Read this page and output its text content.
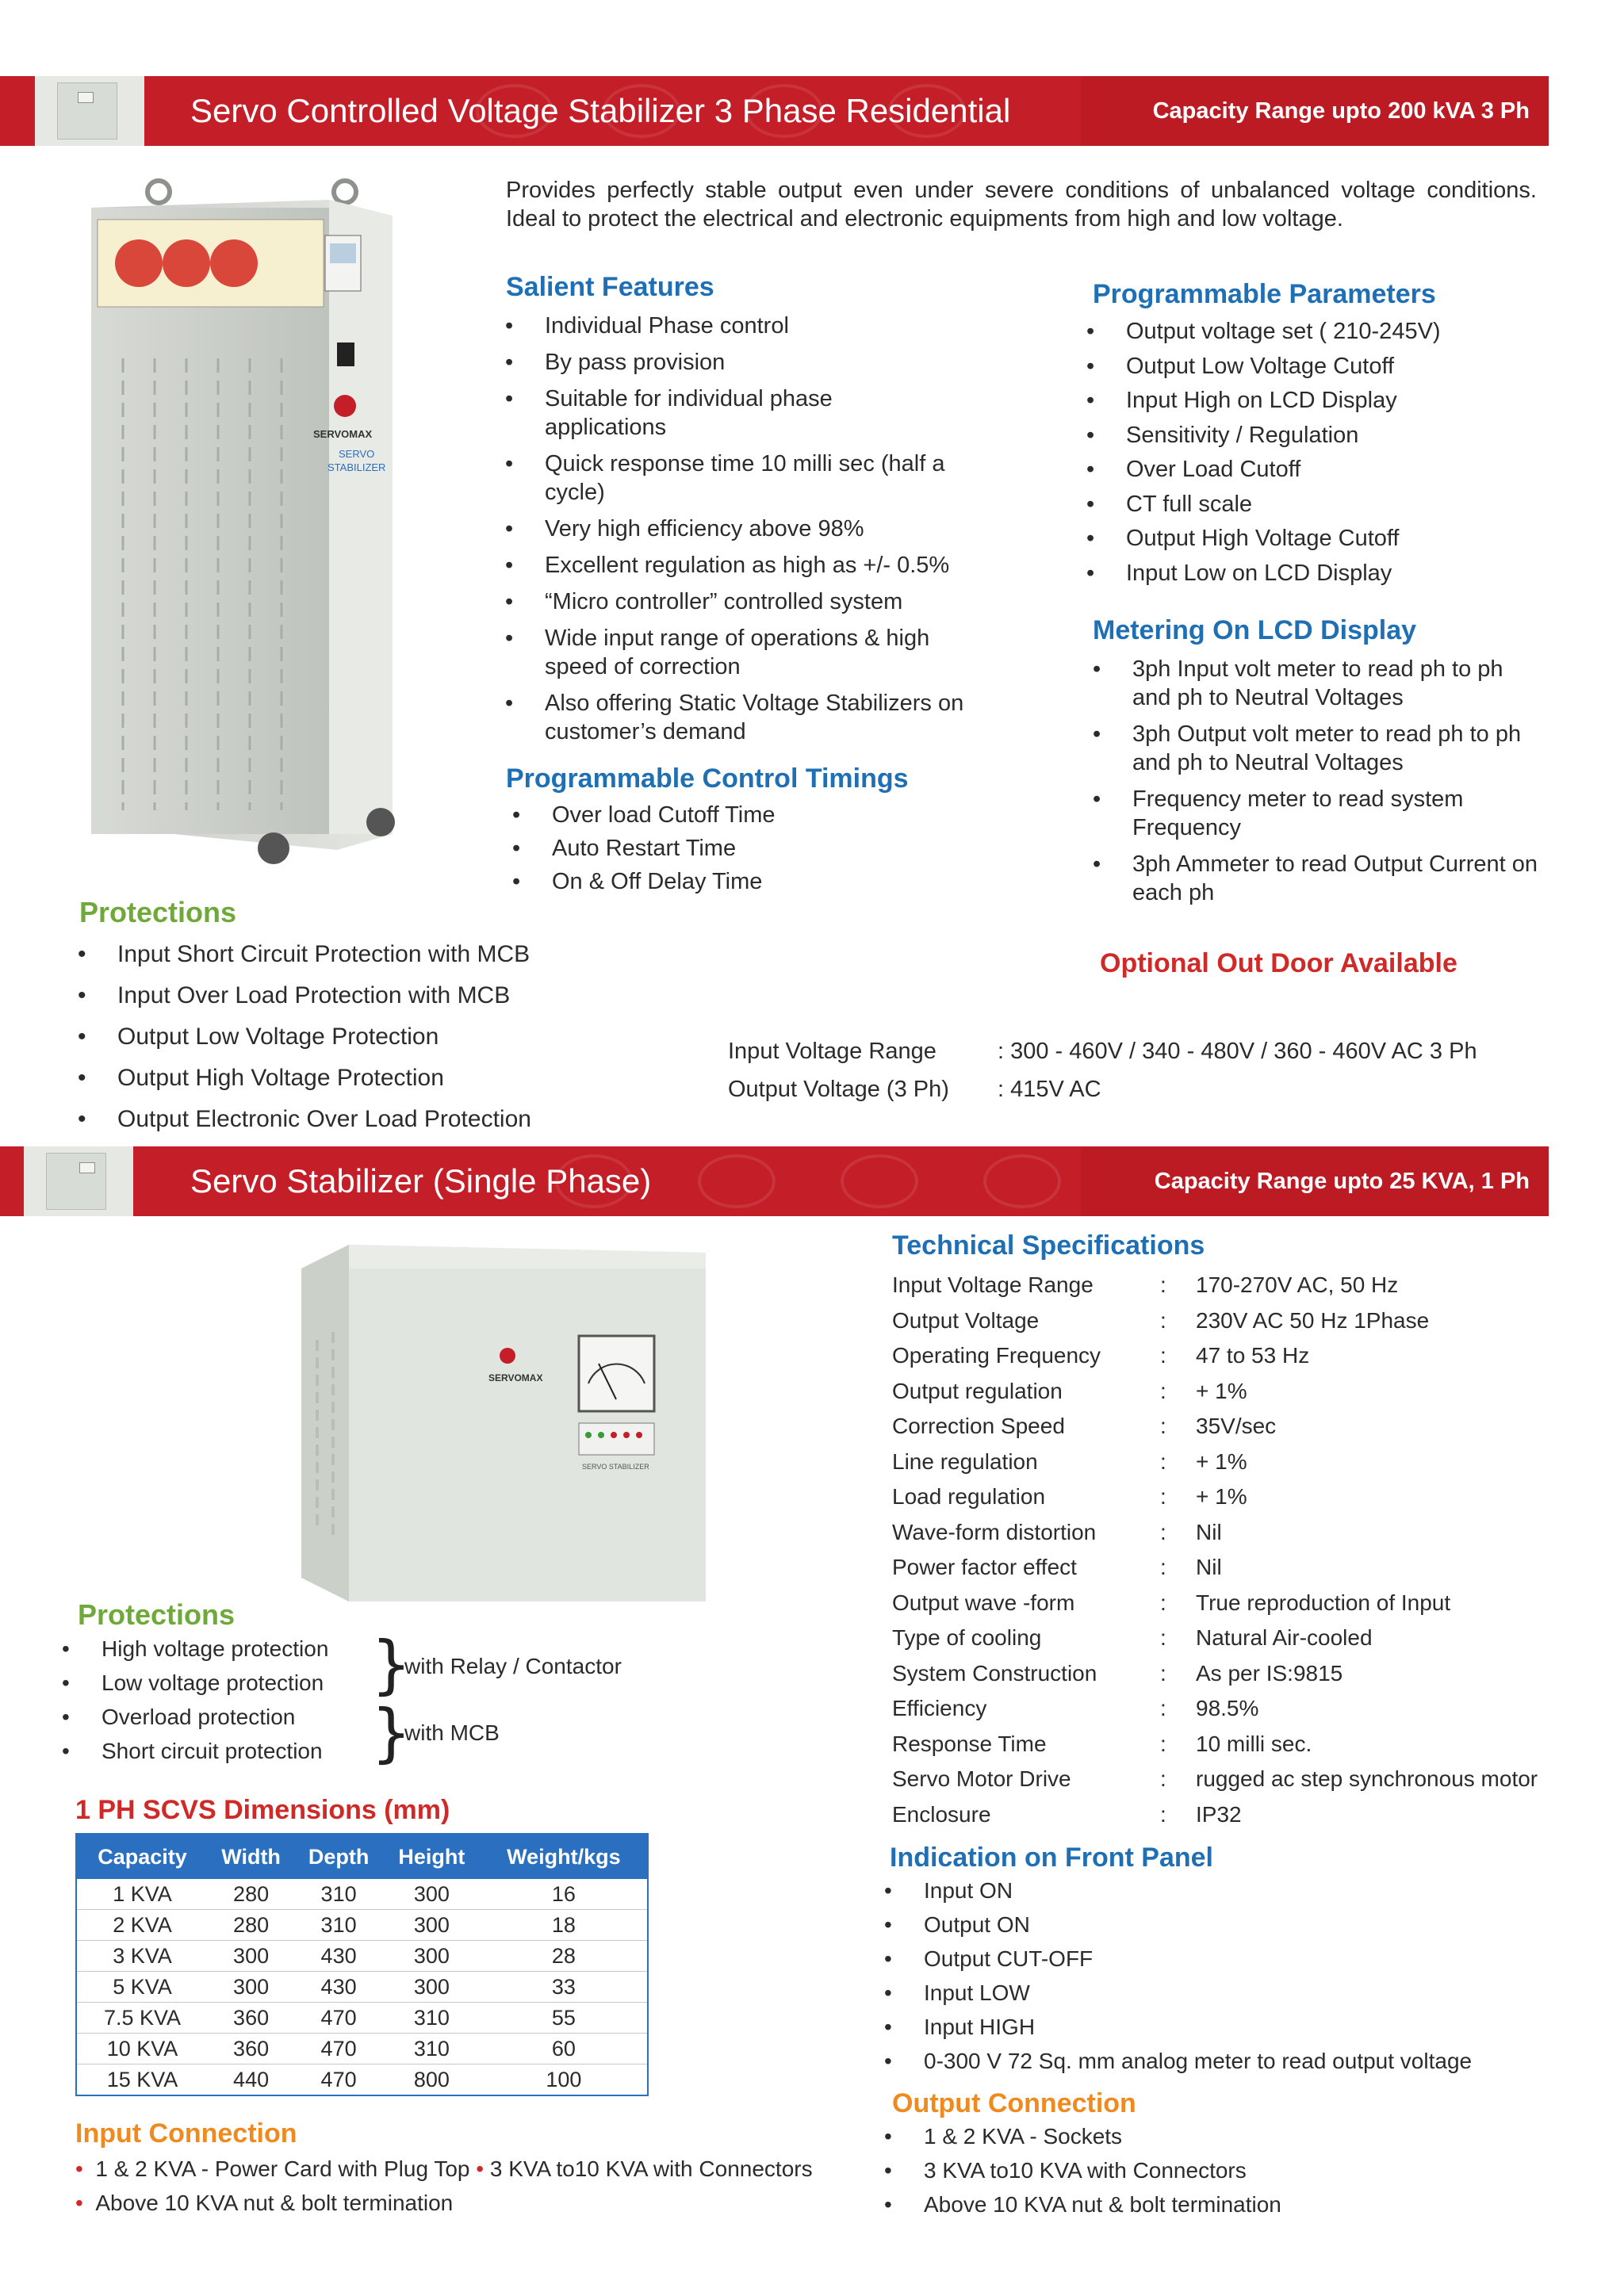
Servo Controlled Voltage Stabilizer 3 Phase Residential	Capacity Range upto 200 kVA 3 Ph
SERVOMAX
SERVO
STABILIZER
Provides perfectly stable output even under severe conditions of unbalanced voltage conditions. Ideal to protect the electrical and electronic equipments from high and low voltage.
Salient Features
• Individual Phase control
• By pass provision
• Suitable for individual phase applications
• Quick response time 10 milli sec (half a cycle)
• Very high efficiency above 98%
• Excellent regulation as high as +/- 0.5%
• “Micro controller” controlled system
• Wide input range of operations & high speed of correction
• Also offering Static Voltage Stabilizers on customer’s demand
Programmable Control Timings
• Over load Cutoff Time
• Auto Restart Time
• On & Off Delay Time
Programmable Parameters
• Output voltage set ( 210-245V)
• Output Low Voltage Cutoff
• Input High on LCD Display
• Sensitivity / Regulation
• Over Load Cutoff
• CT full scale
• Output High Voltage Cutoff
• Input Low on LCD Display
Metering On LCD Display
• 3ph Input volt meter to read ph to ph and ph to Neutral Voltages
• 3ph Output volt meter to read ph to ph and ph to Neutral Voltages
• Frequency meter to read system Frequency
• 3ph Ammeter to read Output Current on each ph
Optional Out Door Available
Protections
• Input Short Circuit Protection with MCB
• Input Over Load Protection with MCB
• Output Low Voltage Protection
• Output High Voltage Protection
• Output Electronic Over Load Protection
Input Voltage Range	: 300 - 460V / 340 - 480V / 360 - 460V AC 3 Ph
Output Voltage (3 Ph) : 415V AC
Servo Stabilizer (Single Phase)	Capacity Range upto 25 KVA, 1 Ph
SERVOMAX
SERVO STABILIZER
Technical Specifications
Input Voltage Range	: 170-270V AC, 50 Hz
Output Voltage	: 230V AC 50 Hz 1Phase
Operating Frequency	: 47 to 53 Hz
Output regulation	: + 1%
Correction Speed	: 35V/sec
Line regulation	: + 1%
Load regulation	: + 1%
Wave-form distortion	: Nil
Power factor effect	: Nil
Output wave -form	: True reproduction of Input
Type of cooling	: Natural Air-cooled
System Construction	: As per IS:9815
Efficiency	: 98.5%
Response Time	: 10 milli sec.
Servo Motor Drive	: rugged ac step synchronous motor
Enclosure	: IP32
Protections
• High voltage protection
• Low voltage protection
• Overload protection
• Short circuit protection
}
}
with Relay / Contactor
with MCB
1 PH SCVS Dimensions (mm)
Capacity	Width	Depth	Height	Weight/kgs
1 KVA	280	310	300	16
2 KVA	280	310	300	18
3 KVA	300	430	300	28
5 KVA	300	430	300	33
7.5 KVA	360	470	310	55
10 KVA	360	470	310	60
15 KVA	440	470	800	100
Input Connection
• 1 & 2 KVA - Power Card with Plug Top • 3 KVA to10 KVA with Connectors
• Above 10 KVA nut & bolt termination
Indication on Front Panel
• Input ON
• Output ON
• Output CUT-OFF
• Input LOW
• Input HIGH
• 0-300 V 72 Sq. mm analog meter to read output voltage
Output Connection
• 1 & 2 KVA - Sockets
• 3 KVA to10 KVA with Connectors
• Above 10 KVA nut & bolt termination
